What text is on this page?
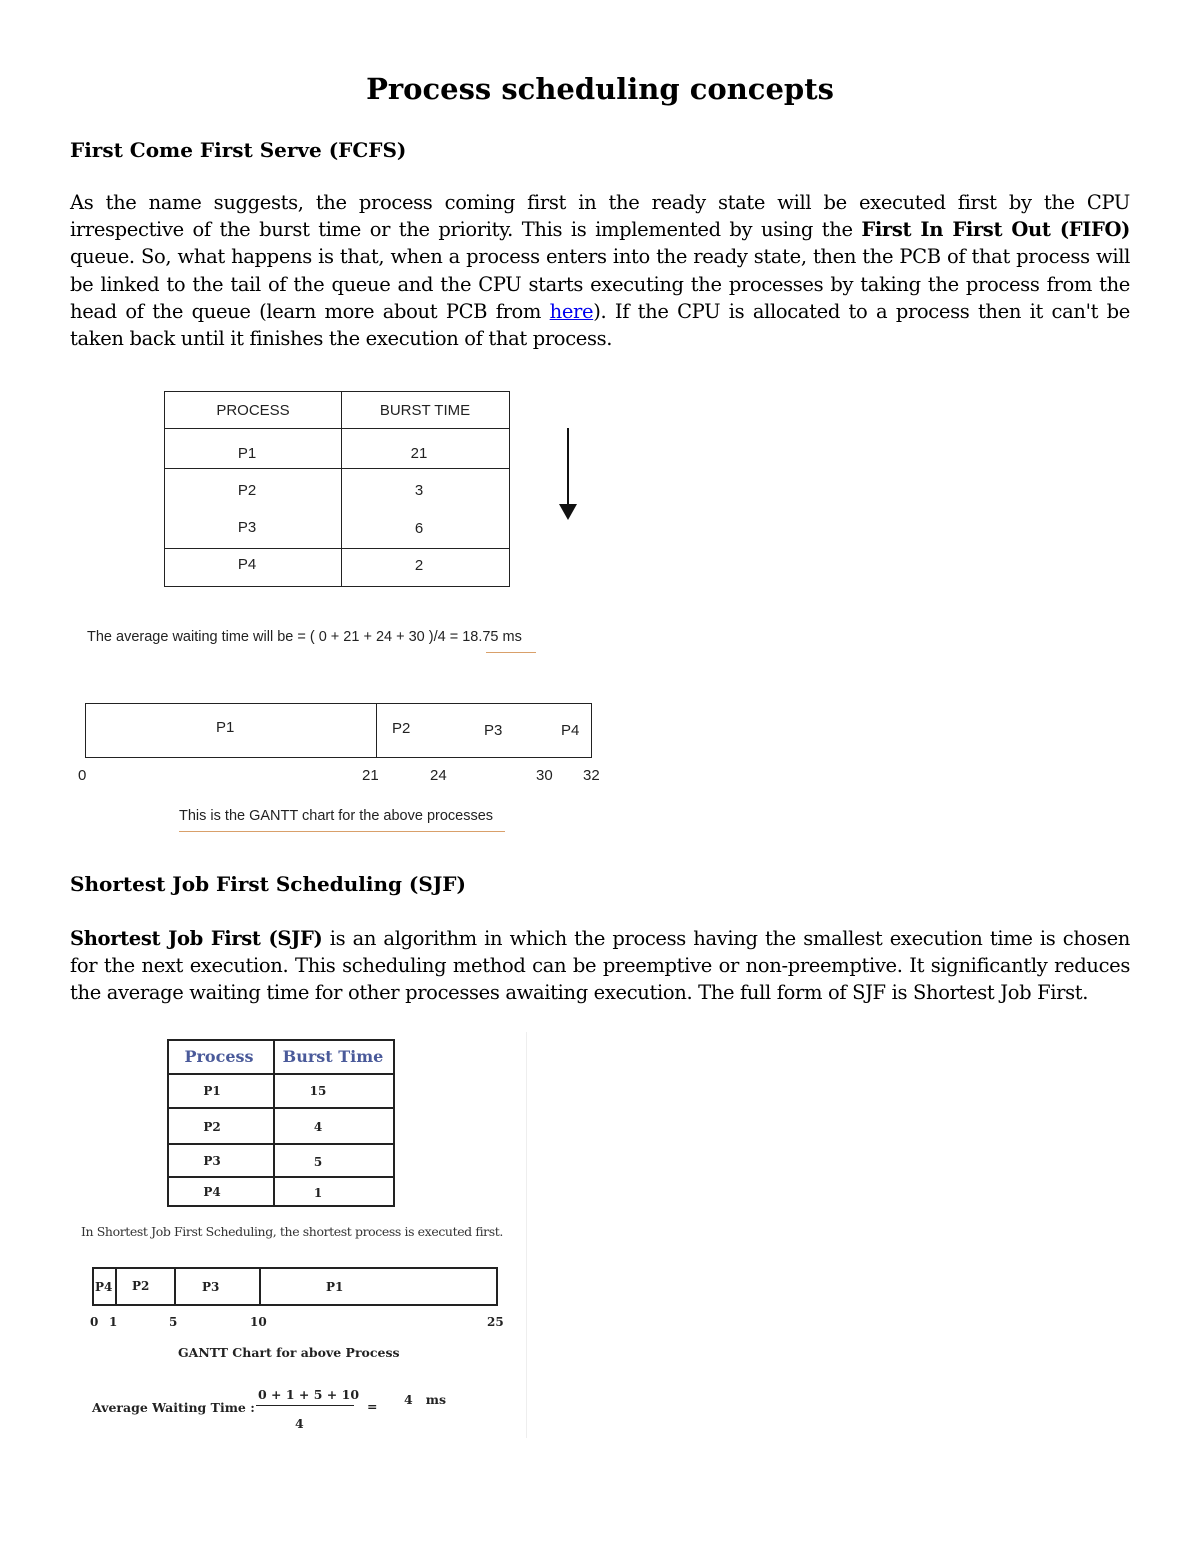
Process scheduling concepts
First Come First Serve (FCFS)
As the name suggests, the process coming first in the ready state will be executed first by the CPU irrespective of the burst time or the priority. This is implemented by using the First In First Out (FIFO) queue. So, what happens is that, when a process enters into the ready state, then the PCB of that process will be linked to the tail of the queue and the CPU starts executing the processes by taking the process from the head of the queue (learn more about PCB from here). If the CPU is allocated to a process then it can't be taken back until it finishes the execution of that process.
PROCESS	BURST TIME
P1	21
P2	3
P3	6
P4	2
The average waiting time will be = ( 0 + 21 + 24 + 30 )/4 = 18.75 ms
P1	P2	P3	P4
0	21	24	30 32
This is the GANTT chart for the above processes
Shortest Job First Scheduling (SJF)
Shortest Job First (SJF) is an algorithm in which the process having the smallest execution time is chosen for the next execution. This scheduling method can be preemptive or non-preemptive. It significantly reduces the average waiting time for other processes awaiting execution. The full form of SJF is Shortest Job First.
Process	Burst Time
P1	15
P2	4
P3	5
P4	1
In Shortest Job First Scheduling, the shortest process is executed first.
P4 P2	P3	P1
0 1	5	10	25
GANTT Chart for above Process
Average Waiting Time :
0 + 1 + 5 + 10
4
= 4   ms
